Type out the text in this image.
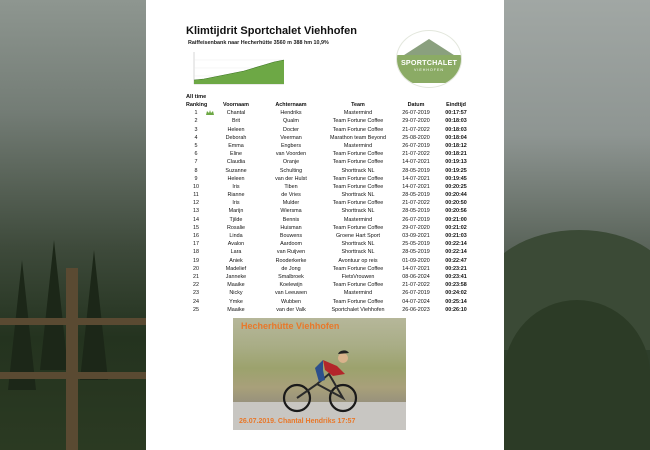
Klimtijdrit Sportchalet Viehhofen
Raiffeisenbank naar Hecherhütte 3560 m 388 hm 10,9%
SPORTCHALET
VIEHHOFEN
All time
Ranking	Voornaam	Achternaam	Team	Datum	Eindtijd
1	Chantal	Hendriks	Mastermind	26-07-2019	00:17:57
2	Brit	Qualm	Team Fortune Coffee	29-07-2020	00:18:03
3	Heleen	Docter	Team Fortune Coffee	21-07-2022	00:18:03
4	Deborah	Veerman	Marathon team Beyond	25-08-2020	00:18:04
5	Emma	Engbers	Mastermind	26-07-2019	00:18:12
6	Eline	van Voorden	Team Fortune Coffee	21-07-2022	00:18:21
7	Claudia	Oranje	Team Fortune Coffee	14-07-2021	00:19:13
8	Suzanne	Schulting	Shorttrack NL	28-05-2019	00:19:25
9	Heleen	van der Hulst	Team Fortune Coffee	14-07-2021	00:19:45
10	Iris	Tiben	Team Fortune Coffee	14-07-2021	00:20:25
11	Rianne	de Vries	Shorttrack NL	28-05-2019	00:20:44
12	Iris	Mulder	Team Fortune Coffee	21-07-2022	00:20:50
13	Marijn	Wiersma	Shorttrack NL	28-05-2019	00:20:56
14	Tjilde	Bennis	Mastermind	26-07-2019	00:21:00
15	Rosalie	Huisman	Team Fortune Coffee	29-07-2020	00:21:02
16	Linda	Bouwens	Groene Hart Sport	03-09-2021	00:21:03
17	Avalon	Aardoom	Shorttrack NL	25-05-2019	00:22:14
18	Lara	van Ruijven	Shorttrack NL	28-05-2019	00:22:14
19	Aniek	Rooderkerke	Avontuur op reis	01-09-2020	00:22:47
20	Madelief	de Jong	Team Fortune Coffee	14-07-2021	00:23:21
21	Janneke	Smalbroek	FietsVrouwen	08-06-2024	00:23:41
22	Maaike	Koelewijn	Team Fortune Coffee	21-07-2022	00:23:58
23	Nicky	van Leeuwen	Mastermind	26-07-2019	00:24:02
24	Ymke	Wubben	Team Fortune Coffee	04-07-2024	00:25:14
25	Maaike	van der Valk	Sportchalet Viehhofen	26-06-2023	00:26:10
Hecherhütte Viehhofen
26.07.2019. Chantal Hendriks 17:57
